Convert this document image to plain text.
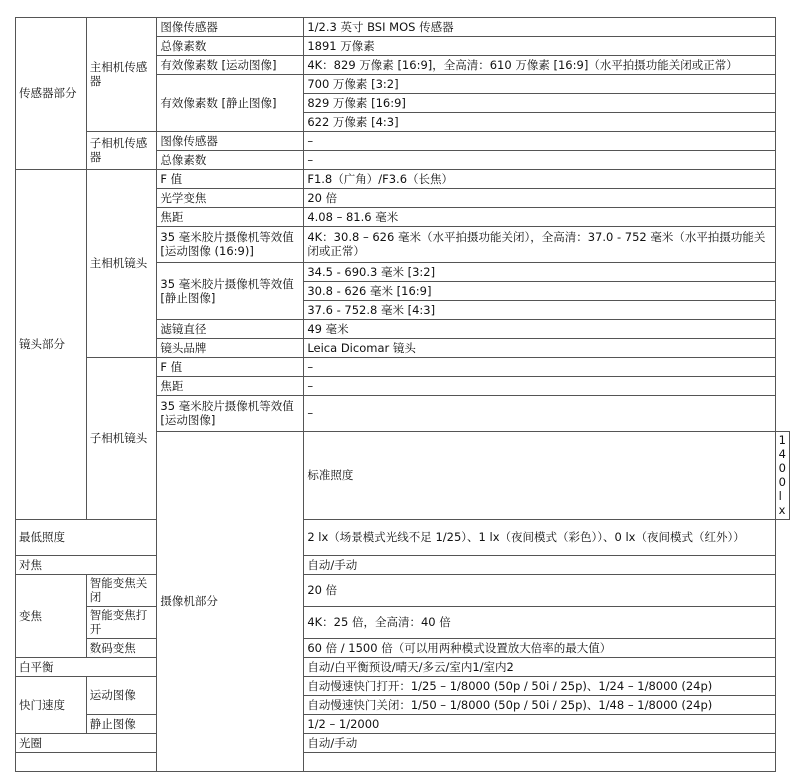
传感器部分	主相机传感器	图像传感器	1/2.3 英寸 BSI MOS 传感器	
		总像素数	1891 万像素	
		有效像素数 [运动图像]	4K：829 万像素 [16:9]，全高清：610 万像素 [16:9]（水平拍摄功能关闭或正常）	
		有效像素数 [静止图像]	700 万像素 [3:2]	
			829 万像素 [16:9]	
			622 万像素 [4:3]	
	子相机传感器	图像传感器	–	
		总像素数	–	
镜头部分	主相机镜头	F 值	F1.8（广角）/F3.6（长焦）	
		光学变焦	20 倍	
		焦距	4.08 – 81.6 毫米	
		35 毫米胶片摄像机等效值 [运动图像 (16:9)]	4K：30.8 – 626 毫米（水平拍摄功能关闭），全高清：37.0 - 752 毫米（水平拍摄功能关闭或正常）	
		35 毫米胶片摄像机等效值 [静止图像]	34.5 - 690.3 毫米 [3:2]	
			30.8 - 626 毫米 [16:9]	
			37.6 - 752.8 毫米 [4:3]	
		滤镜直径	49 毫米	
		镜头品牌	Leica Dicomar 镜头	
	子相机镜头	F 值	–	
		焦距	–	
		35 毫米胶片摄像机等效值 [运动图像]	–	
		摄像机部分	标准照度	1400 lx
最低照度			2 lx（场景模式光线不足 1/25）、1 lx（夜间模式（彩色））、0 lx（夜间模式（红外））	
对焦			自动/手动	
变焦	智能变焦关闭		20 倍	
	智能变焦打开		4K：25 倍，全高清：40 倍	
	数码变焦		60 倍 / 1500 倍（可以用两种模式设置放大倍率的最大值）	
白平衡			自动/白平衡预设/晴天/多云/室内1/室内2	
快门速度	运动图像		自动慢速快门打开：1/25 – 1/8000 (50p / 50i / 25p)、1/24 – 1/8000 (24p)	
			自动慢速快门关闭：1/50 – 1/8000 (50p / 50i / 25p)、1/48 – 1/8000 (24p)	
	静止图像		1/2 – 1/2000	
光圈			自动/手动	
